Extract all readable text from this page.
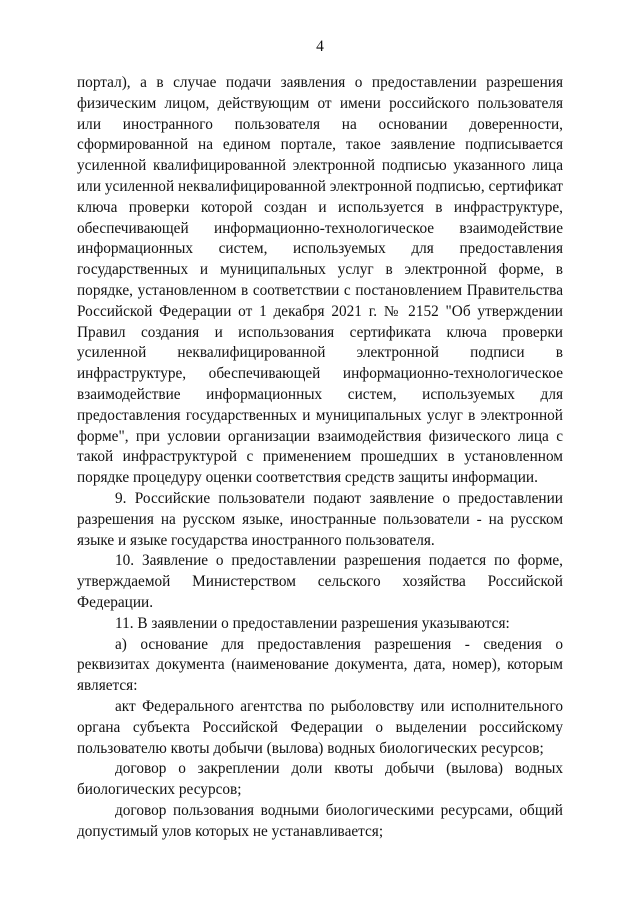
4

портал), а в случае подачи заявления о предоставлении разрешения физическим лицом, действующим от имени российского пользователя или иностранного пользователя на основании доверенности, сформированной на едином портале, такое заявление подписывается усиленной квалифицированной электронной подписью указанного лица или усиленной неквалифицированной электронной подписью, сертификат ключа проверки которой создан и используется в инфраструктуре, обеспечивающей информационно-технологическое взаимодействие информационных систем, используемых для предоставления государственных и муниципальных услуг в электронной форме, в порядке, установленном в соответствии с постановлением Правительства Российской Федерации от 1 декабря 2021 г. № 2152 "Об утверждении Правил создания и использования сертификата ключа проверки усиленной неквалифицированной электронной подписи в инфраструктуре, обеспечивающей информационно-технологическое взаимодействие информационных систем, используемых для предоставления государственных и муниципальных услуг в электронной форме", при условии организации взаимодействия физического лица с такой инфраструктурой с применением прошедших в установленном порядке процедуру оценки соответствия средств защиты информации.

9. Российские пользователи подают заявление о предоставлении разрешения на русском языке, иностранные пользователи - на русском языке и языке государства иностранного пользователя.

10. Заявление о предоставлении разрешения подается по форме, утверждаемой Министерством сельского хозяйства Российской Федерации.

11. В заявлении о предоставлении разрешения указываются:

а) основание для предоставления разрешения - сведения о реквизитах документа (наименование документа, дата, номер), которым является:

акт Федерального агентства по рыболовству или исполнительного органа субъекта Российской Федерации о выделении российскому пользователю квоты добычи (вылова) водных биологических ресурсов;

договор о закреплении доли квоты добычи (вылова) водных биологических ресурсов;

договор пользования водными биологическими ресурсами, общий допустимый улов которых не устанавливается;
